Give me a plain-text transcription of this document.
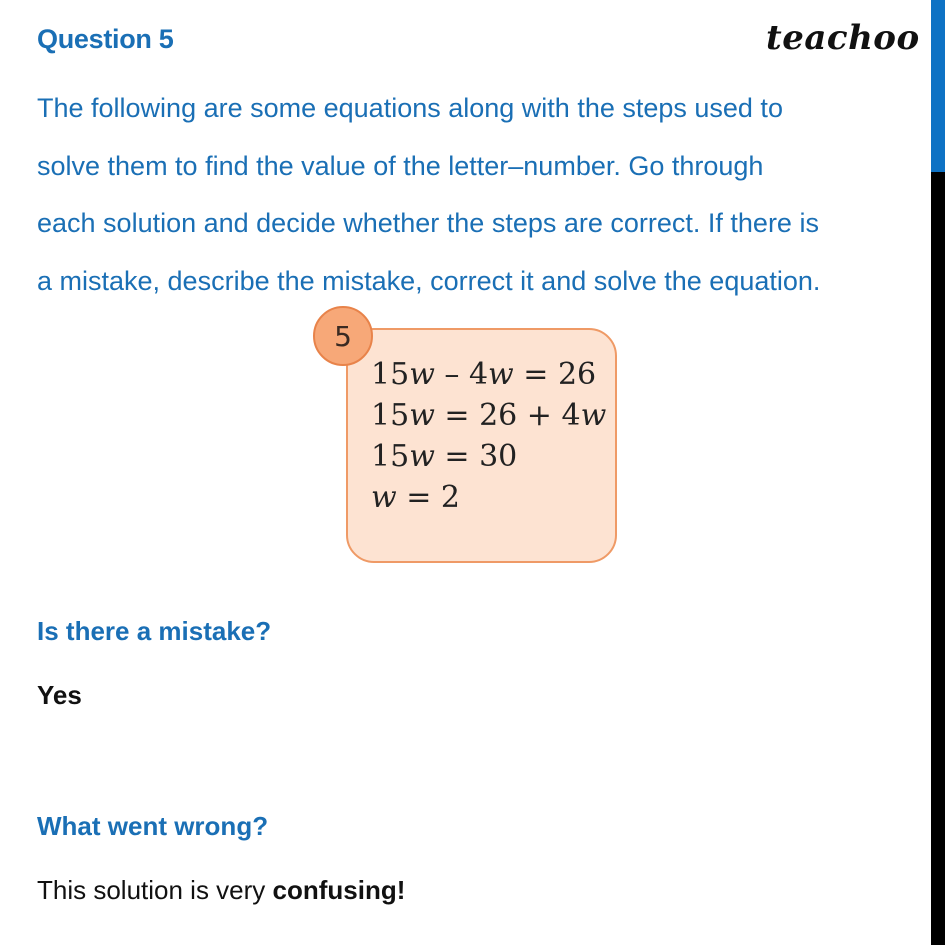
Question 5	teachoo
The following are some equations along with the steps used to
solve them to find the value of the letter–number. Go through
each solution and decide whether the steps are correct. If there is
a mistake, describe the mistake, correct it and solve the equation.
5
15w – 4w = 26
15w = 26 + 4w
15w = 30
w = 2
Is there a mistake?
Yes
What went wrong?
This solution is very confusing!
